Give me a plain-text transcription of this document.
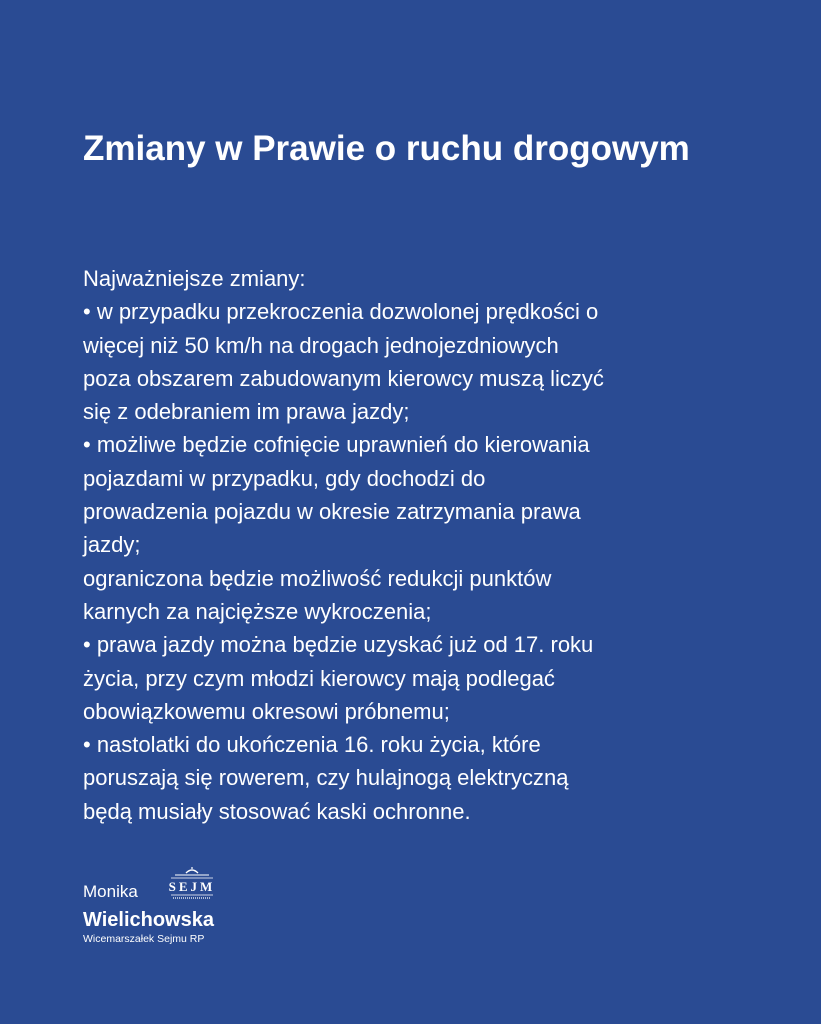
Zmiany w Prawie o ruchu drogowym
Najważniejsze zmiany:
• w przypadku przekroczenia dozwolonej prędkości o
więcej niż 50 km/h na drogach jednojezdniowych
poza obszarem zabudowanym kierowcy muszą liczyć
się z odebraniem im prawa jazdy;
• możliwe będzie cofnięcie uprawnień do kierowania
pojazdami w przypadku, gdy dochodzi do
prowadzenia pojazdu w okresie zatrzymania prawa
jazdy;
ograniczona będzie możliwość redukcji punktów
karnych za najcięższe wykroczenia;
• prawa jazdy można będzie uzyskać już od 17. roku
życia, przy czym młodzi kierowcy mają podlegać
obowiązkowemu okresowi próbnemu;
• nastolatki do ukończenia 16. roku życia, które
poruszają się rowerem, czy hulajnogą elektryczną
będą musiały stosować kaski ochronne.
Monika
Wielichowska
Wicemarszałek Sejmu RP
SEJM
